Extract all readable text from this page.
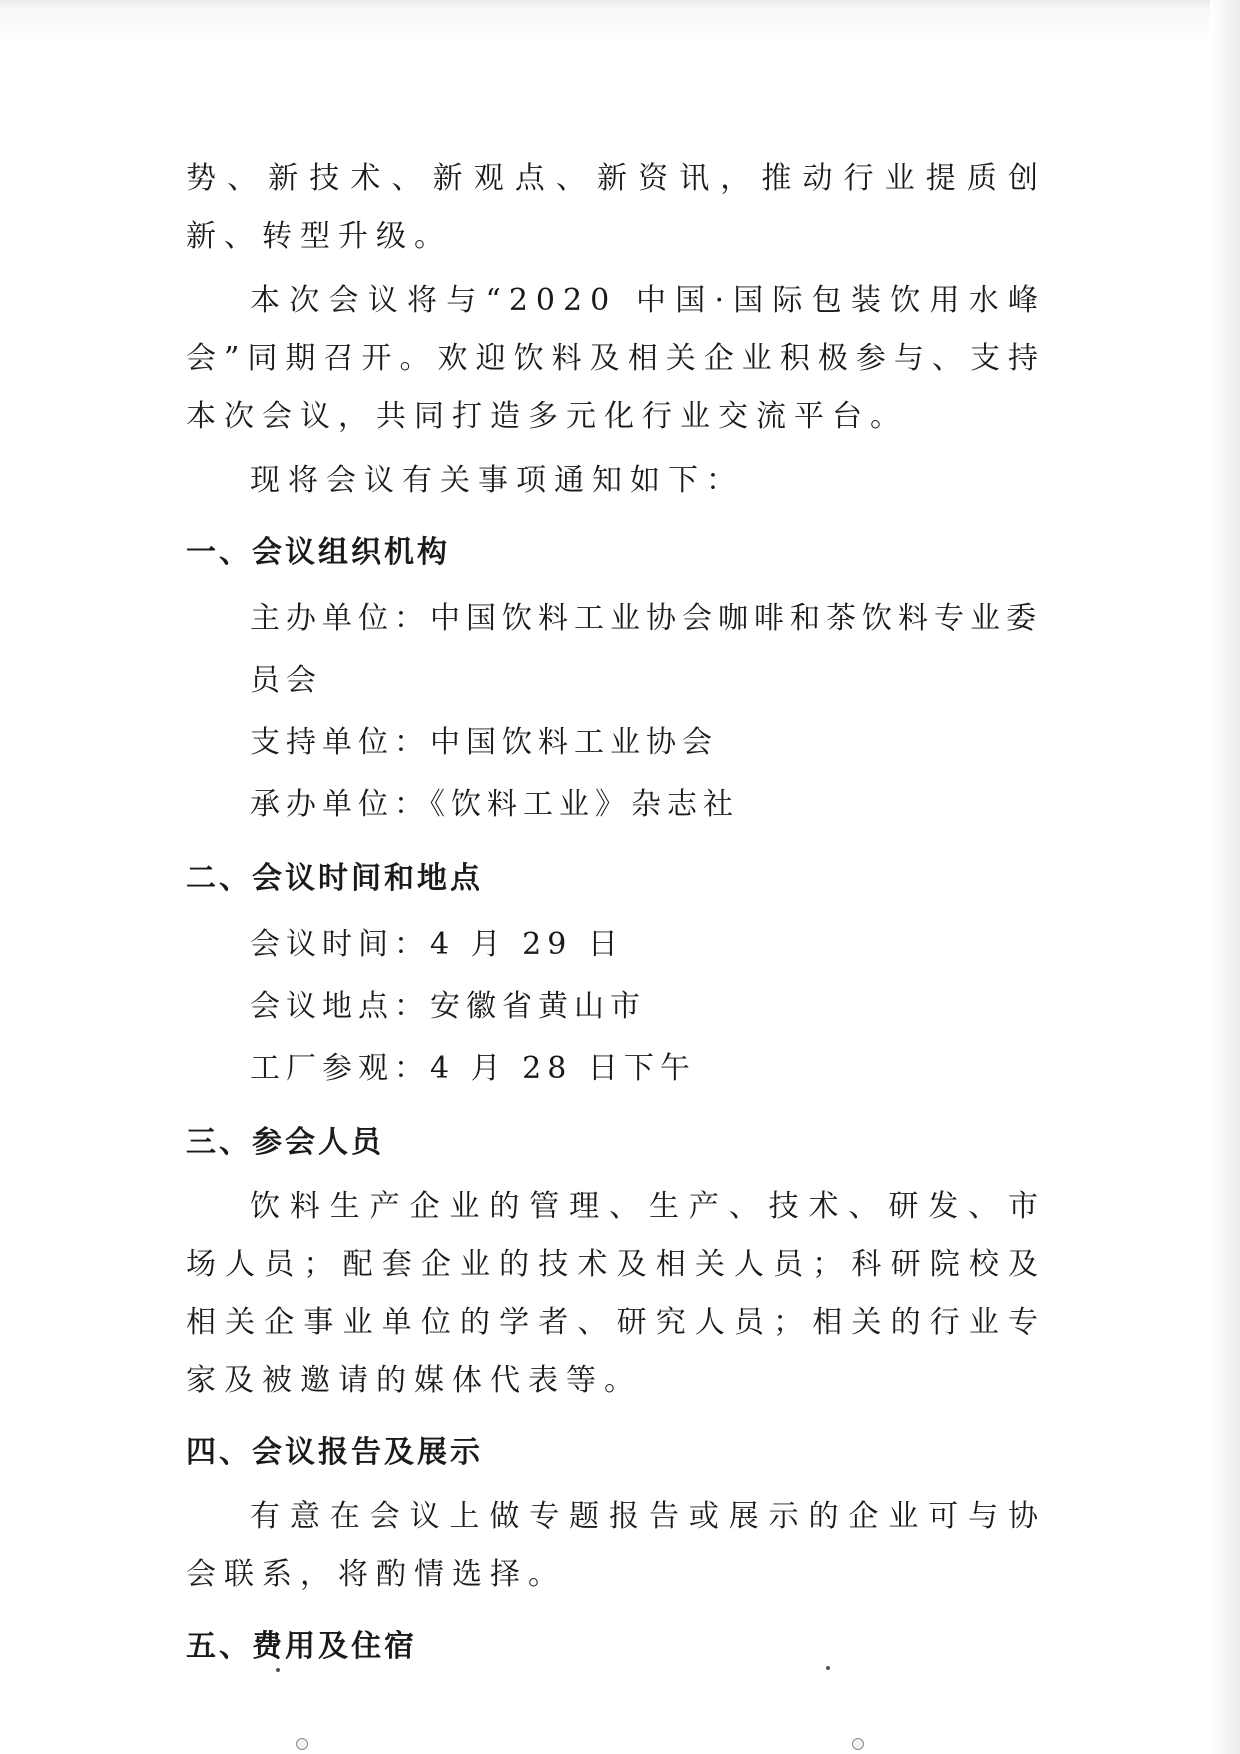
势、新技术、新观点、新资讯，推动行业提质创新、转型升级。

本次会议将与“2020 中国·国际包装饮用水峰会”同期召开。欢迎饮料及相关企业积极参与、支持本次会议，共同打造多元化行业交流平台。

现将会议有关事项通知如下：

一、会议组织机构

主办单位：中国饮料工业协会咖啡和茶饮料专业委员会

支持单位：中国饮料工业协会

承办单位：《饮料工业》杂志社

二、会议时间和地点

会议时间：4 月 29 日

会议地点：安徽省黄山市

工厂参观：4 月 28 日下午

三、参会人员

饮料生产企业的管理、生产、技术、研发、市场人员；配套企业的技术及相关人员；科研院校及相关企事业单位的学者、研究人员；相关的行业专家及被邀请的媒体代表等。

四、会议报告及展示

有意在会议上做专题报告或展示的企业可与协会联系，将酌情选择。

五、费用及住宿
